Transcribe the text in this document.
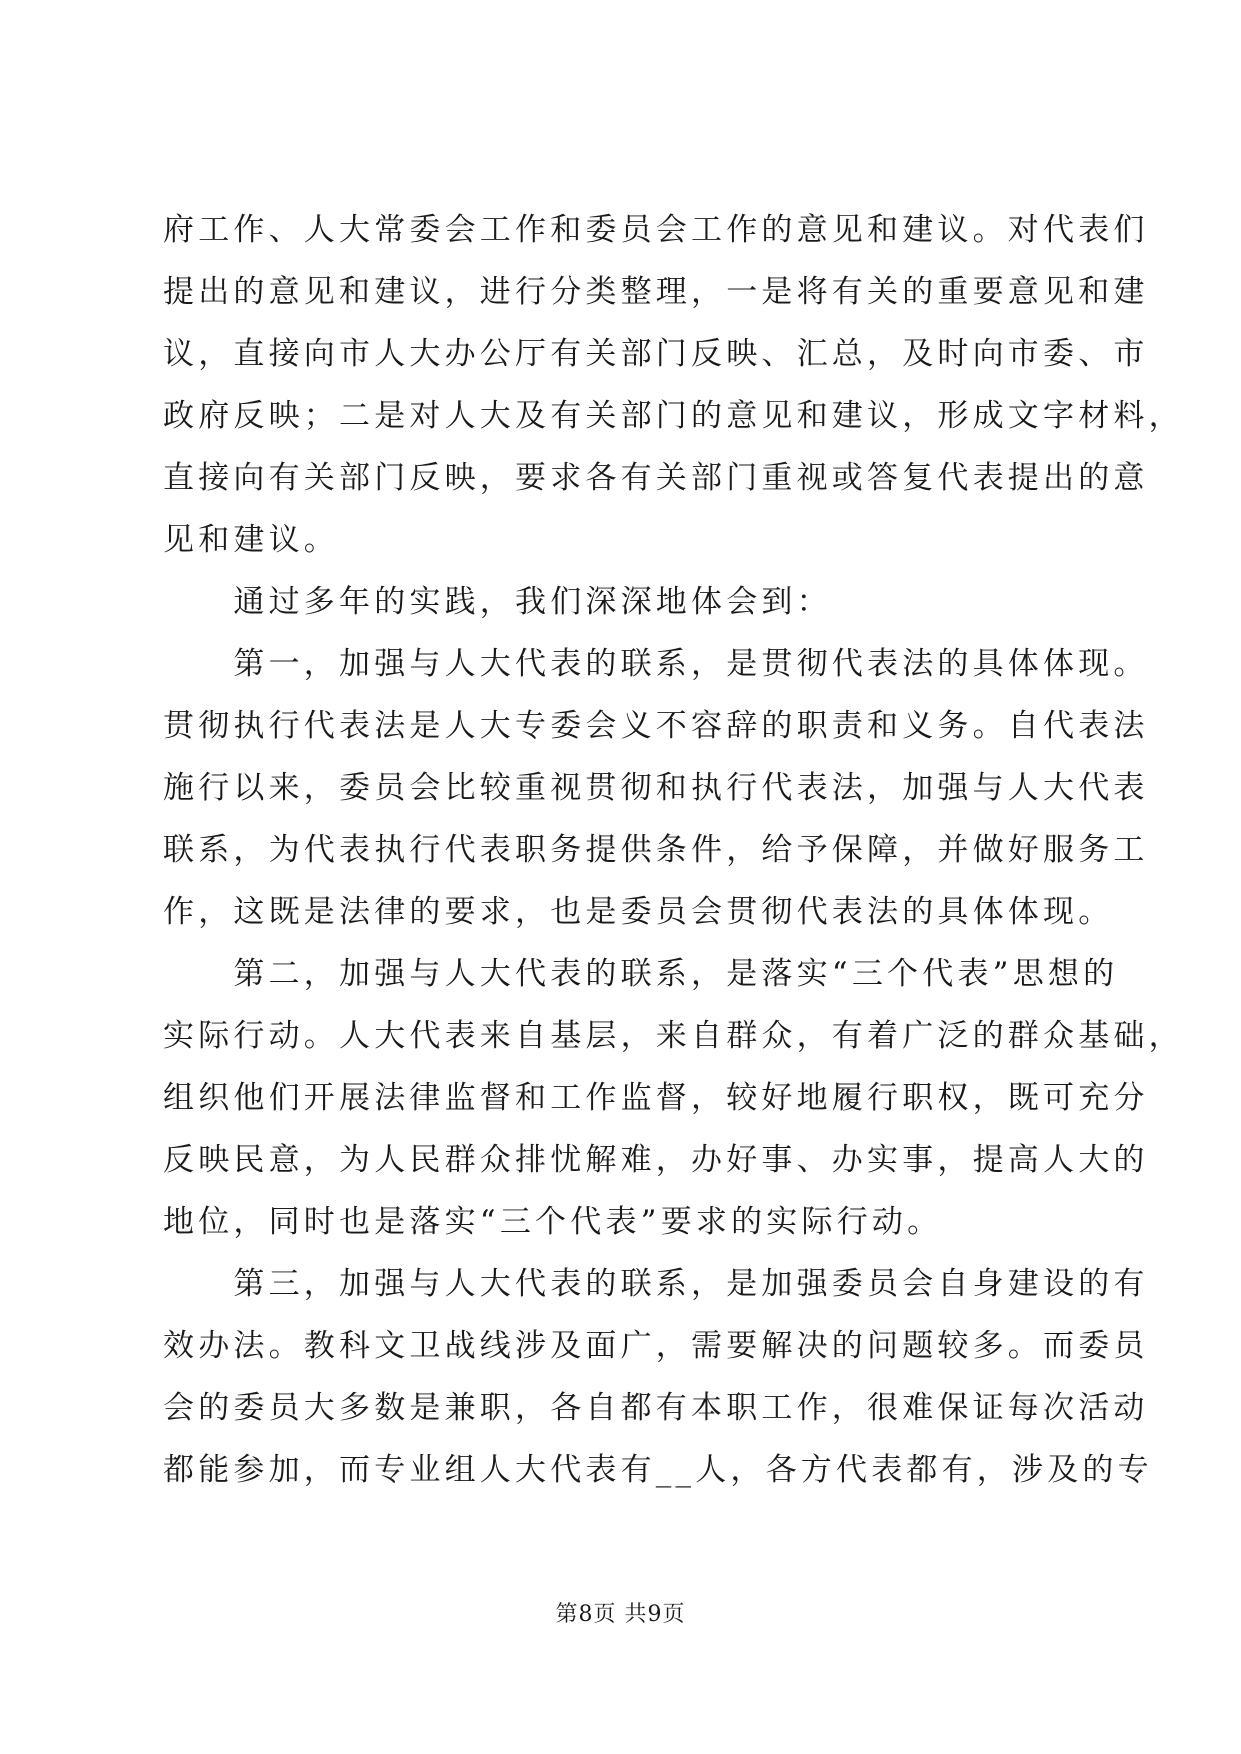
府工作、人大常委会工作和委员会工作的意见和建议。对代表们
提出的意见和建议，进行分类整理，一是将有关的重要意见和建
议，直接向市人大办公厅有关部门反映、汇总，及时向市委、市
政府反映；二是对人大及有关部门的意见和建议，形成文字材料，
直接向有关部门反映，要求各有关部门重视或答复代表提出的意
见和建议。
　　通过多年的实践，我们深深地体会到：
　　第一，加强与人大代表的联系，是贯彻代表法的具体体现。
贯彻执行代表法是人大专委会义不容辞的职责和义务。自代表法
施行以来，委员会比较重视贯彻和执行代表法，加强与人大代表
联系，为代表执行代表职务提供条件，给予保障，并做好服务工
作，这既是法律的要求，也是委员会贯彻代表法的具体体现。
　　第二，加强与人大代表的联系，是落实“三个代表”思想的
实际行动。人大代表来自基层，来自群众，有着广泛的群众基础，
组织他们开展法律监督和工作监督，较好地履行职权，既可充分
反映民意，为人民群众排忧解难，办好事、办实事，提高人大的
地位，同时也是落实“三个代表”要求的实际行动。
　　第三，加强与人大代表的联系，是加强委员会自身建设的有
效办法。教科文卫战线涉及面广，需要解决的问题较多。而委员
会的委员大多数是兼职，各自都有本职工作，很难保证每次活动
都能参加，而专业组人大代表有__人，各方代表都有，涉及的专
第8页 共9页
